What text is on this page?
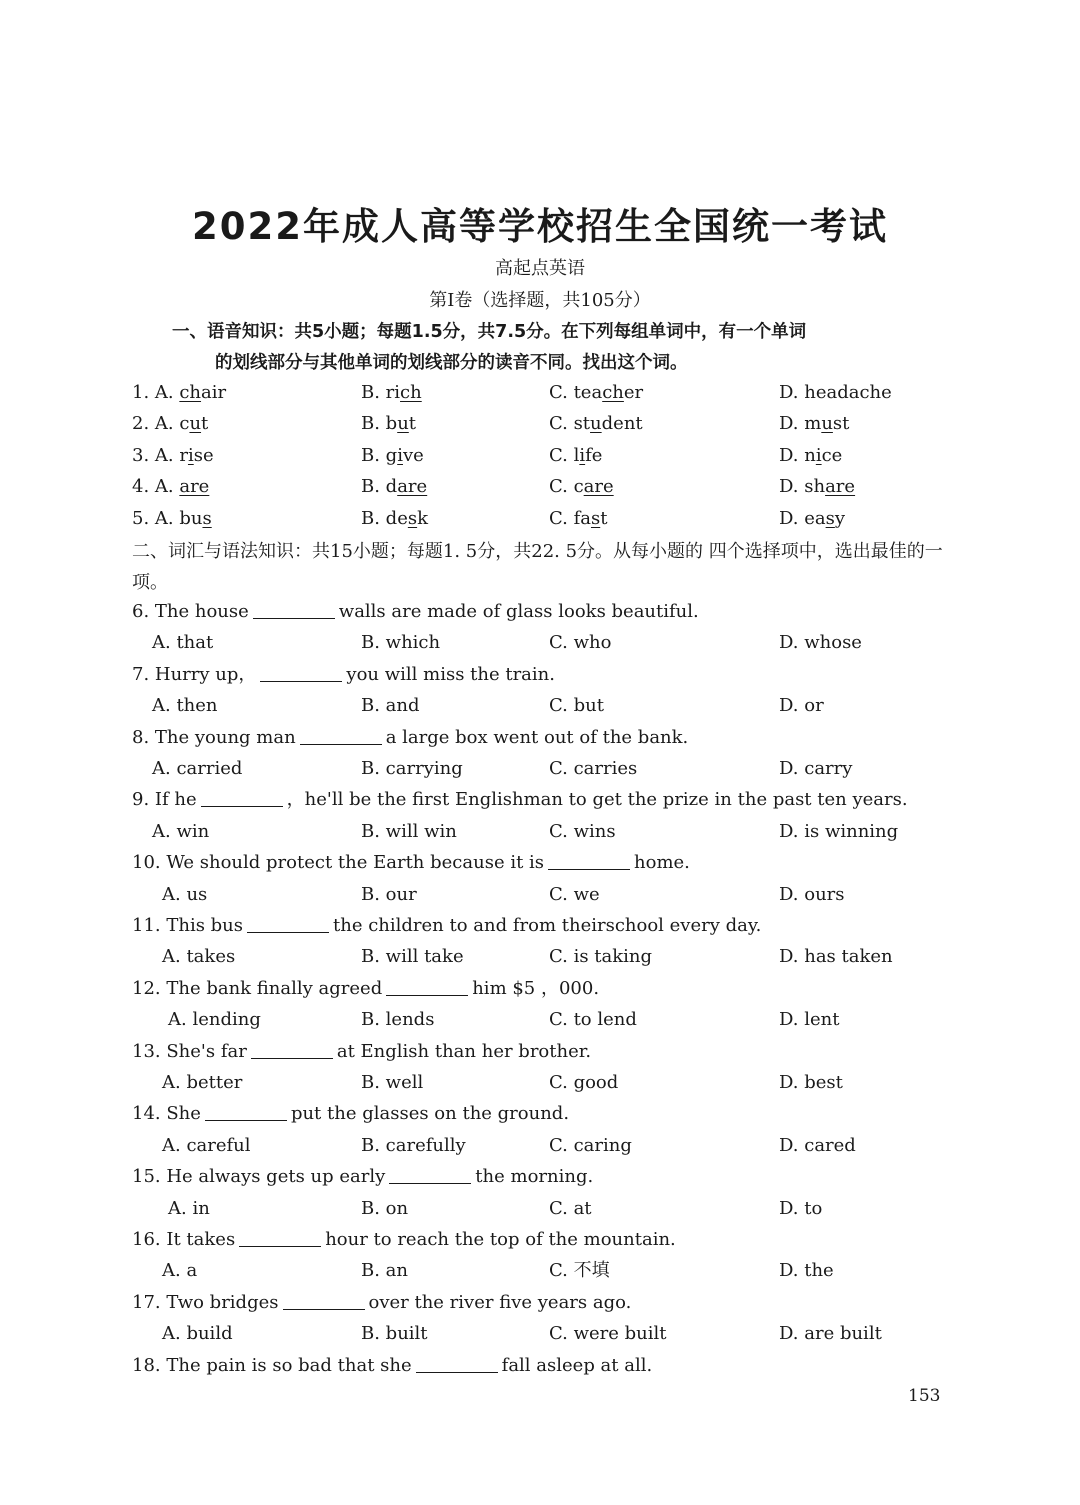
2022年成人高等学校招生全国统一考试
高起点英语
第Ⅰ卷（选择题，共105分）
一、语音知识：共5小题；每题1.5分，共7.5分。在下列每组单词中，有一个单词
的划线部分与其他单词的划线部分的读音不同。找出这个词。
1. A. chair	B. rich	C. teacher	D. headache
2. A. cut	B. but	C. student	D. must
3. A. rise	B. give	C. life	D. nice
4. A. are	B. dare	C. care	D. share
5. A. bus	B. desk	C. fast	D. easy
二、词汇与语法知识：共15小题；每题1. 5分，共22. 5分。从每小题的 四个选择项中，选出最佳的一项。
6. The house	walls are made of glass looks beautiful.
A. that	B. which	C. who	D. whose
7. Hurry up，	you will miss the train.
A. then	B. and	C. but	D. or
8. The young man	a large box went out of the bank.
A. carried	B. carrying	C. carries	D. carry
9. If he	，he'll be the first Englishman to get the prize in the past ten years.
A. win	B. will win	C. wins	D. is winning
10. We should protect the Earth because it is	home.
A. us	B. our	C. we	D. ours
11. This bus	the children to and from theirschool every day.
A. takes	B. will take	C. is taking	D. has taken
12. The bank finally agreed	him $5 ，000.
A. lending	B. lends	C. to lend	D. lent
13. She's far	at English than her brother.
A. better	B. well	C. good	D. best
14. She	put the glasses on the ground.
A. careful	B. carefully	C. caring	D. cared
15. He always gets up early	the morning.
A. in	B. on	C. at	D. to
16. It takes	hour to reach the top of the mountain.
A. a	B. an	C. 不填	D. the
17. Two bridges	over the river five years ago.
A. build	B. built	C. were built	D. are built
18. The pain is so bad that she	fall asleep at all.
153
